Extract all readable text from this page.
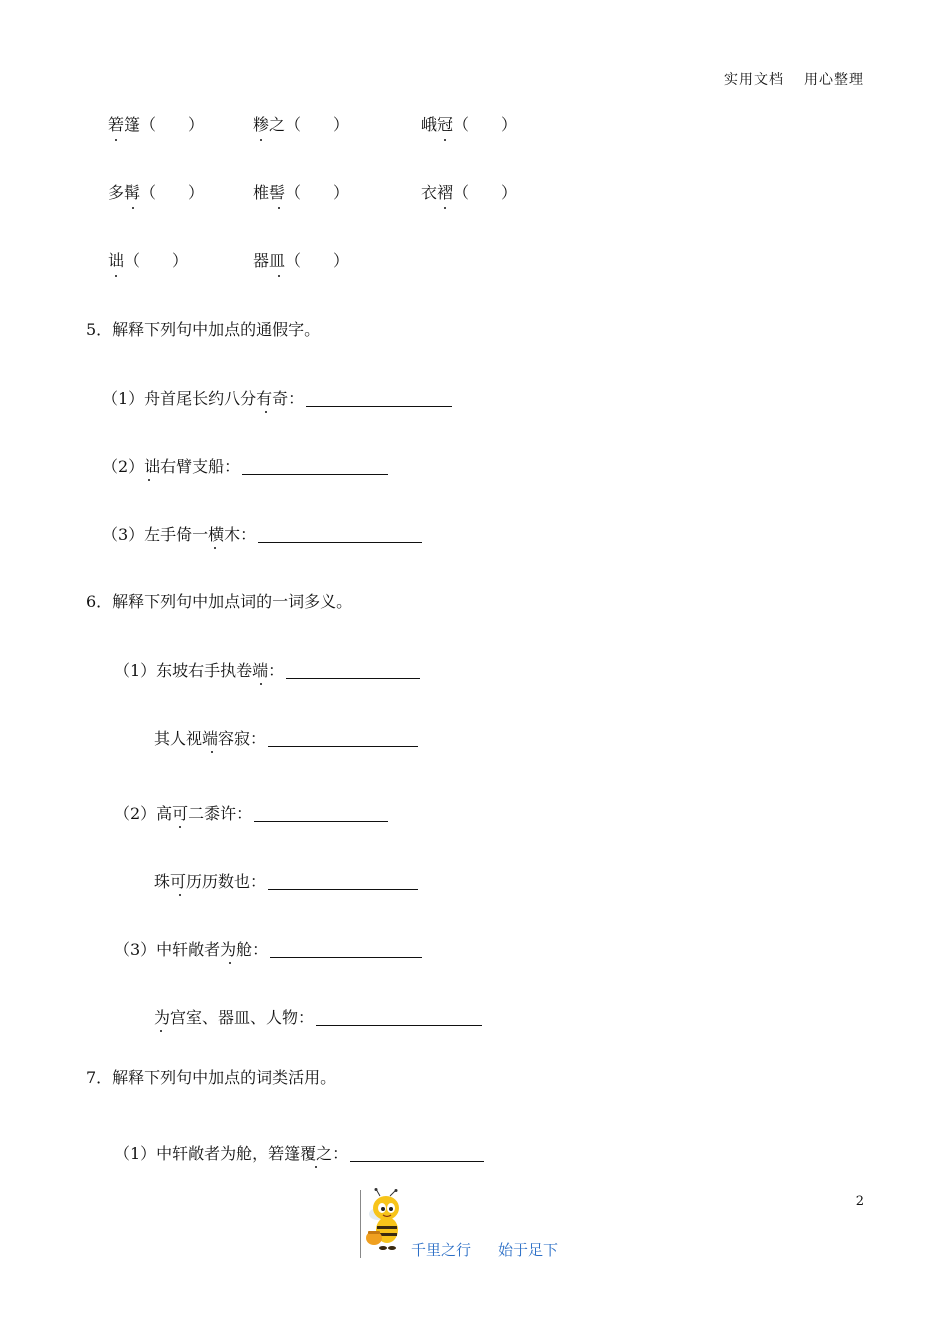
实用文档 用心整理
箬篷（　　）	糁之（　　）	峨冠（　　）
多髯（　　）	椎髻（　　）	衣褶（　　）
诎（　　）	器皿（　　）
5．解释下列句中加点的通假字。
（1）舟首尾长约八分有奇：
（2）诎右臂支船：
（3）左手倚一横木：
6．解释下列句中加点词的一词多义。
（1）东坡右手执卷端：
其人视端容寂：
（2）高可二黍许：
珠可历历数也：
（3）中轩敞者为舱：
为宫室、器皿、人物：
7．解释下列句中加点的词类活用。
（1）中轩敞者为舱，箬篷覆之：
2
千里之行 始于足下
